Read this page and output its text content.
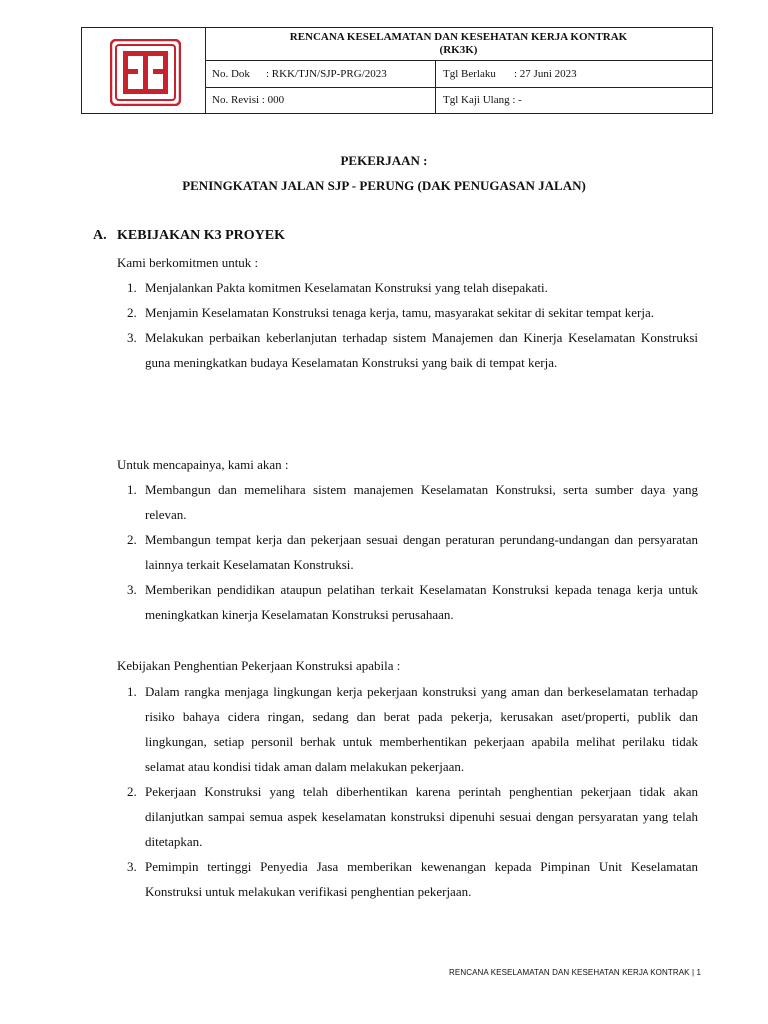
RENCANA KESELAMATAN DAN KESEHATAN KERJA KONTRAK
(RK3K)
No. Dok : RKK/TJN/SJP-PRG/2023	Tgl Berlaku : 27 Juni 2023
No. Revisi : 000	Tgl Kaji Ulang : -
PEKERJAAN :
PENINGKATAN JALAN SJP - PERUNG (DAK PENUGASAN JALAN)
A. KEBIJAKAN K3 PROYEK
Kami berkomitmen untuk :
1. Menjalankan Pakta komitmen Keselamatan Konstruksi yang telah disepakati.
2. Menjamin Keselamatan Konstruksi tenaga kerja, tamu, masyarakat sekitar di sekitar tempat kerja.
3. Melakukan perbaikan keberlanjutan terhadap sistem Manajemen dan Kinerja Keselamatan Konstruksi guna meningkatkan budaya Keselamatan Konstruksi yang baik di tempat kerja.
Untuk mencapainya, kami akan :
1. Membangun dan memelihara sistem manajemen Keselamatan Konstruksi, serta sumber daya yang relevan.
2. Membangun tempat kerja dan pekerjaan sesuai dengan peraturan perundang-undangan dan persyaratan lainnya terkait Keselamatan Konstruksi.
3. Memberikan pendidikan ataupun pelatihan terkait Keselamatan Konstruksi kepada tenaga kerja untuk meningkatkan kinerja Keselamatan Konstruksi perusahaan.
Kebijakan Penghentian Pekerjaan Konstruksi apabila :
1. Dalam rangka menjaga lingkungan kerja pekerjaan konstruksi yang aman dan berkeselamatan terhadap risiko bahaya cidera ringan, sedang dan berat pada pekerja, kerusakan aset/properti, publik dan lingkungan, setiap personil berhak untuk memberhentikan pekerjaan apabila melihat perilaku tidak selamat atau kondisi tidak aman dalam melakukan pekerjaan.
2. Pekerjaan Konstruksi yang telah diberhentikan karena perintah penghentian pekerjaan tidak akan dilanjutkan sampai semua aspek keselamatan konstruksi dipenuhi sesuai dengan persyaratan yang telah ditetapkan.
3. Pemimpin tertinggi Penyedia Jasa memberikan kewenangan kepada Pimpinan Unit Keselamatan Konstruksi untuk melakukan verifikasi penghentian pekerjaan.
RENCANA KESELAMATAN DAN KESEHATAN KERJA KONTRAK | 1
